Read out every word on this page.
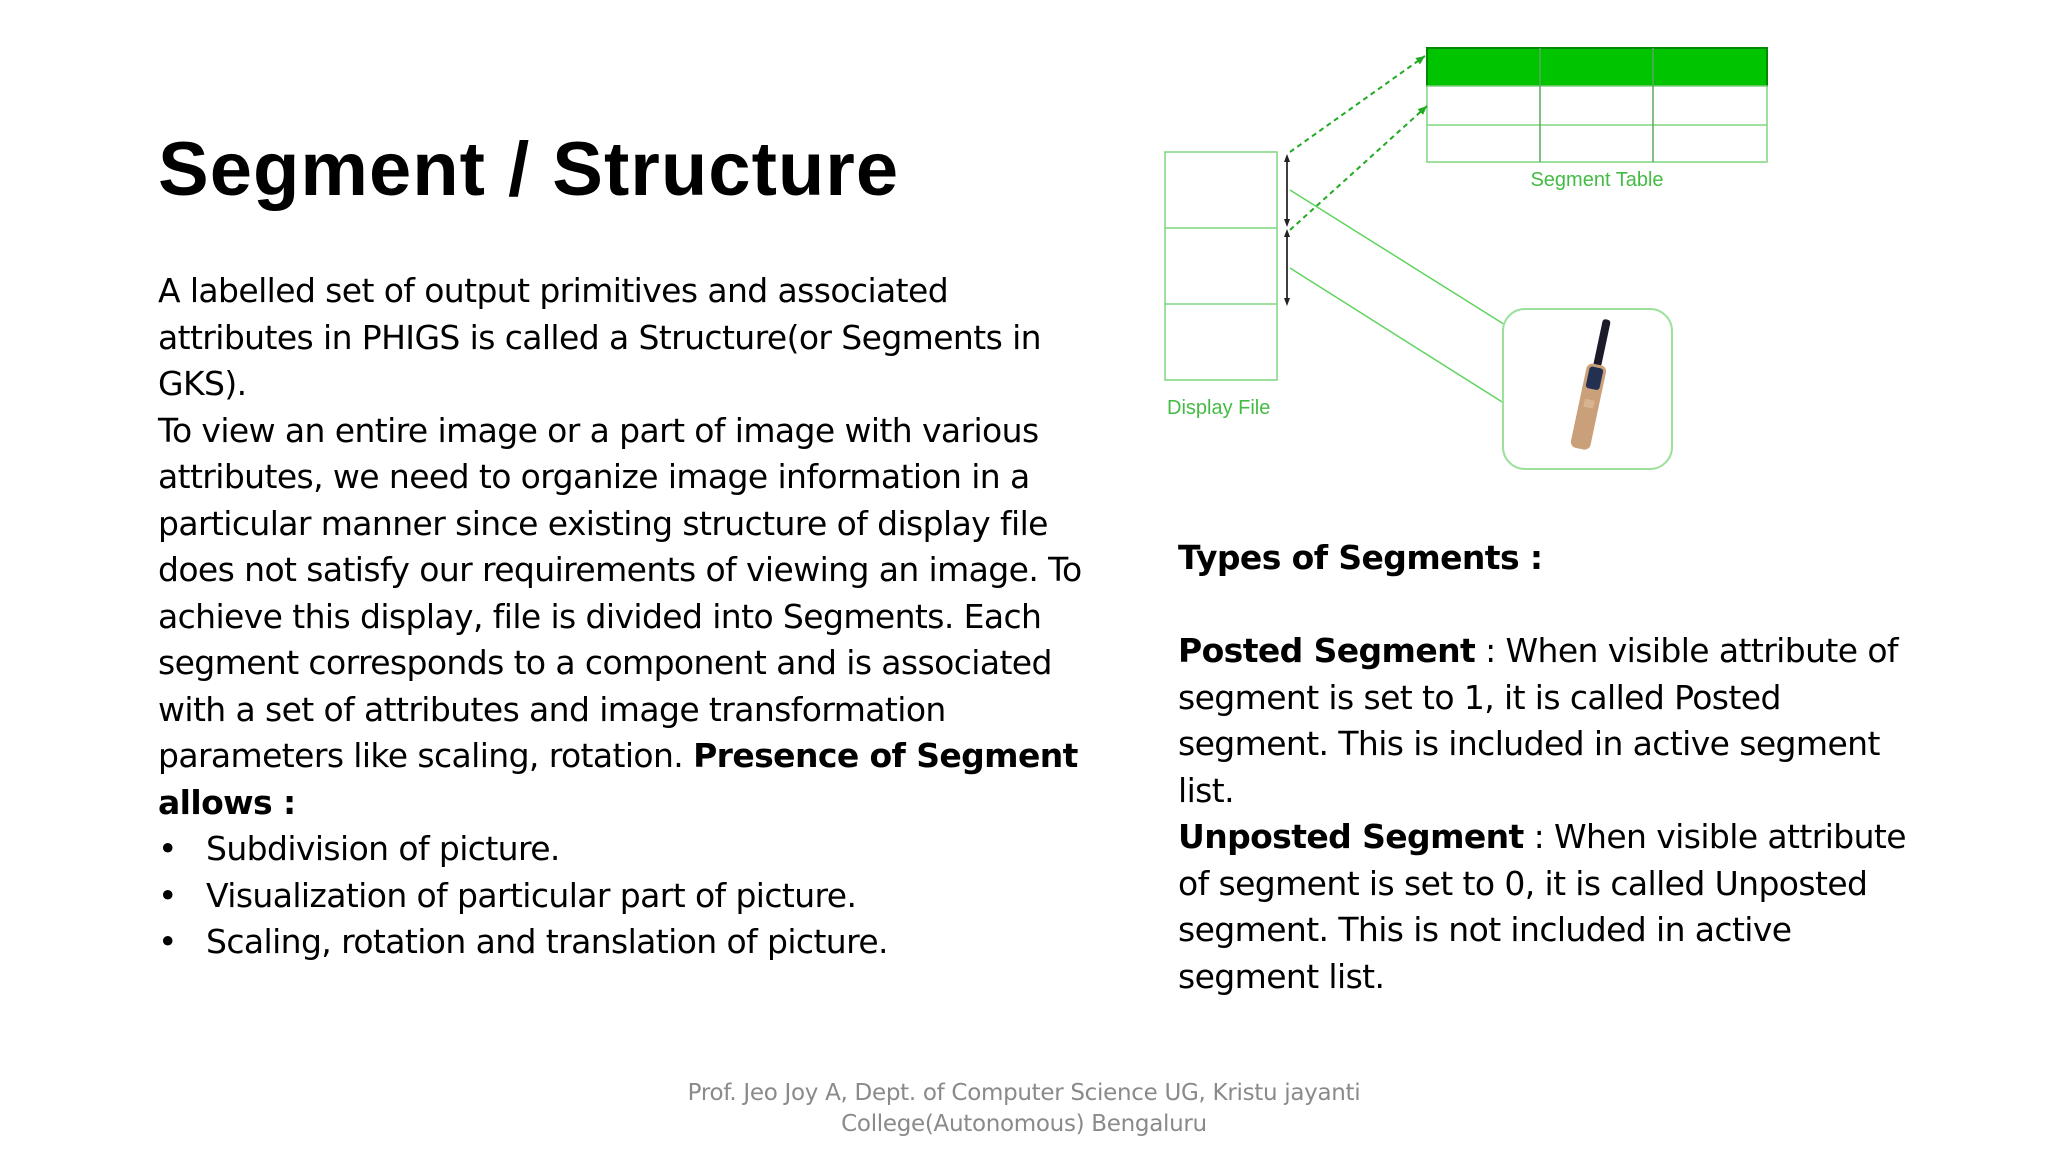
Segment / Structure

A labelled set of output primitives and associated attributes in PHIGS is called a Structure(or Segments in GKS).

To view an entire image or a part of image with various attributes, we need to organize image information in a particular manner since existing structure of display file does not satisfy our requirements of viewing an image. To achieve this display, file is divided into Segments. Each segment corresponds to a component and is associated with a set of attributes and image transformation parameters like scaling, rotation. Presence of Segment allows :

• Subdivision of picture.
• Visualization of particular part of picture.
• Scaling, rotation and translation of picture.
Segment Table
Display File

Types of Segments :

Posted Segment : When visible attribute of segment is set to 1, it is called Posted segment. This is included in active segment list.

Unposted Segment : When visible attribute of segment is set to 0, it is called Unposted segment. This is not included in active segment list.

Prof. Jeo Joy A, Dept. of Computer Science UG, Kristu jayanti
College(Autonomous) Bengaluru
